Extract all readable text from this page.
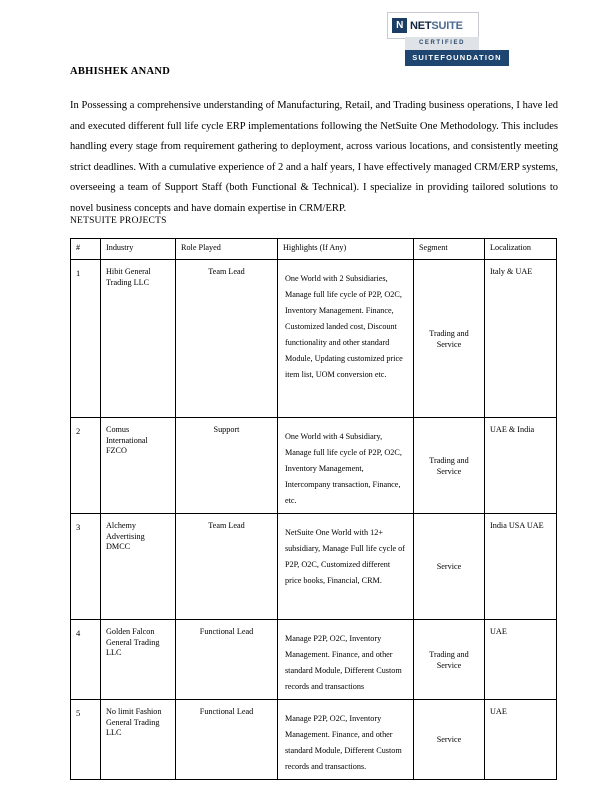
N NETSUITE
CERTIFIED
SUITEFOUNDATION
ABHISHEK ANAND
In Possessing a comprehensive understanding of Manufacturing, Retail, and Trading business operations, I have led and executed different full life cycle ERP implementations following the NetSuite One Methodology. This includes handling every stage from requirement gathering to deployment, across various locations, and consistently meeting strict deadlines. With a cumulative experience of 2 and a half years, I have effectively managed CRM/ERP systems, overseeing a team of Support Staff (both Functional & Technical). I specialize in providing tailored solutions to novel business concepts and have domain expertise in CRM/ERP.
NETSUITE PROJECTS
#	Industry	Role Played	Highlights (If Any)	Segment	Localization
1	Hibit General Trading LLC	Team Lead	One World with 2 Subsidiaries, Manage full life cycle of P2P, O2C, Inventory Management. Finance, Customized landed cost, Discount functionality and other standard Module, Updating customized price item list, UOM conversion etc.	Trading and Service	Italy & UAE
2	Comus International FZCO	Support	One World with 4 Subsidiary, Manage full life cycle of P2P, O2C, Inventory Management, Intercompany transaction, Finance, etc.	Trading and Service	UAE & India
3	Alchemy Advertising DMCC	Team Lead	NetSuite One World with 12+ subsidiary, Manage Full life cycle of P2P, O2C, Customized different price books, Financial, CRM.	Service	India USA UAE
4	Golden Falcon General Trading LLC	Functional Lead	Manage P2P, O2C, Inventory Management. Finance, and other standard Module, Different Custom records and transactions	Trading and Service	UAE
5	No limit Fashion General Trading LLC	Functional Lead	Manage P2P, O2C, Inventory Management. Finance, and other standard Module, Different Custom records and transactions.	Service	UAE
